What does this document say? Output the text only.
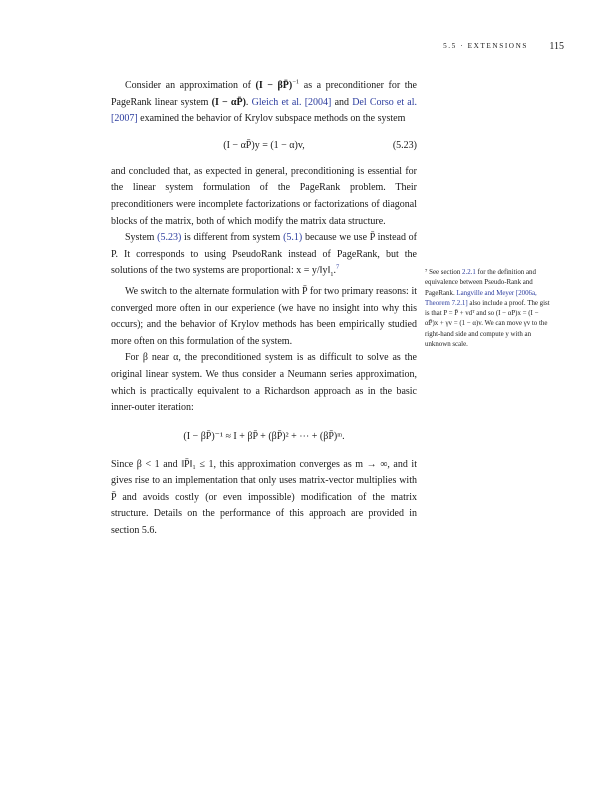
5.5 · EXTENSIONS 115

Consider an approximation of (I − βP̄)$^{-1}$ as a preconditioner for the PageRank linear system (I − αP̄). Gleich et al. [2004] and Del Corso et al. [2007] examined the behavior of Krylov subspace methods on the system

(I − αP̄)y = (1 − α)v,	(5.23)

and concluded that, as expected in general, preconditioning is essential for the linear system formulation of the PageRank problem. Their preconditioners were incomplete factorizations or factorizations of diagonal blocks of the matrix, both of which modify the matrix data structure.

System (5.23) is different from system (5.1) because we use P̄ instead of P. It corresponds to using PseudoRank instead of PageRank, but the solutions of the two systems are proportional: $x = y/‖y‖_1.^7$

We switch to the alternate formulation with P̄ for two primary reasons: it converged more often in our experience (we have no insight into why this occurs); and the behavior of Krylov methods has been empirically studied more often on this formulation of the system.

For β near α, the preconditioned system is as difficult to solve as the original linear system. We thus consider a Neumann series approximation, which is practically equivalent to a Richardson approach as in the basic inner-outer iteration:

(I − βP̄)⁻¹ ≈ I + βP̄ + (βP̄)² + ⋯ + (βP̄)ᵐ.

Since β < 1 and ‖P̄‖₁ ≤ 1, this approximation converges as m → ∞, and it gives rise to an implementation that only uses matrix-vector multiplies with P̄ and avoids costly (or even impossible) modification of the matrix structure. Details on the performance of this approach are provided in section 5.6.

⁷ See section 2.2.1 for the definition and equivalence between Pseudo-Rank and PageRank. Langville and Meyer [2006a, Theorem 7.2.1] also include a proof. The gist is that P = P̄ + vdᵀ and so (I − αP)x = (I − αP̄)x + γv = (1 − α)v. We can move γv to the right-hand side and compute y with an unknown scale.
